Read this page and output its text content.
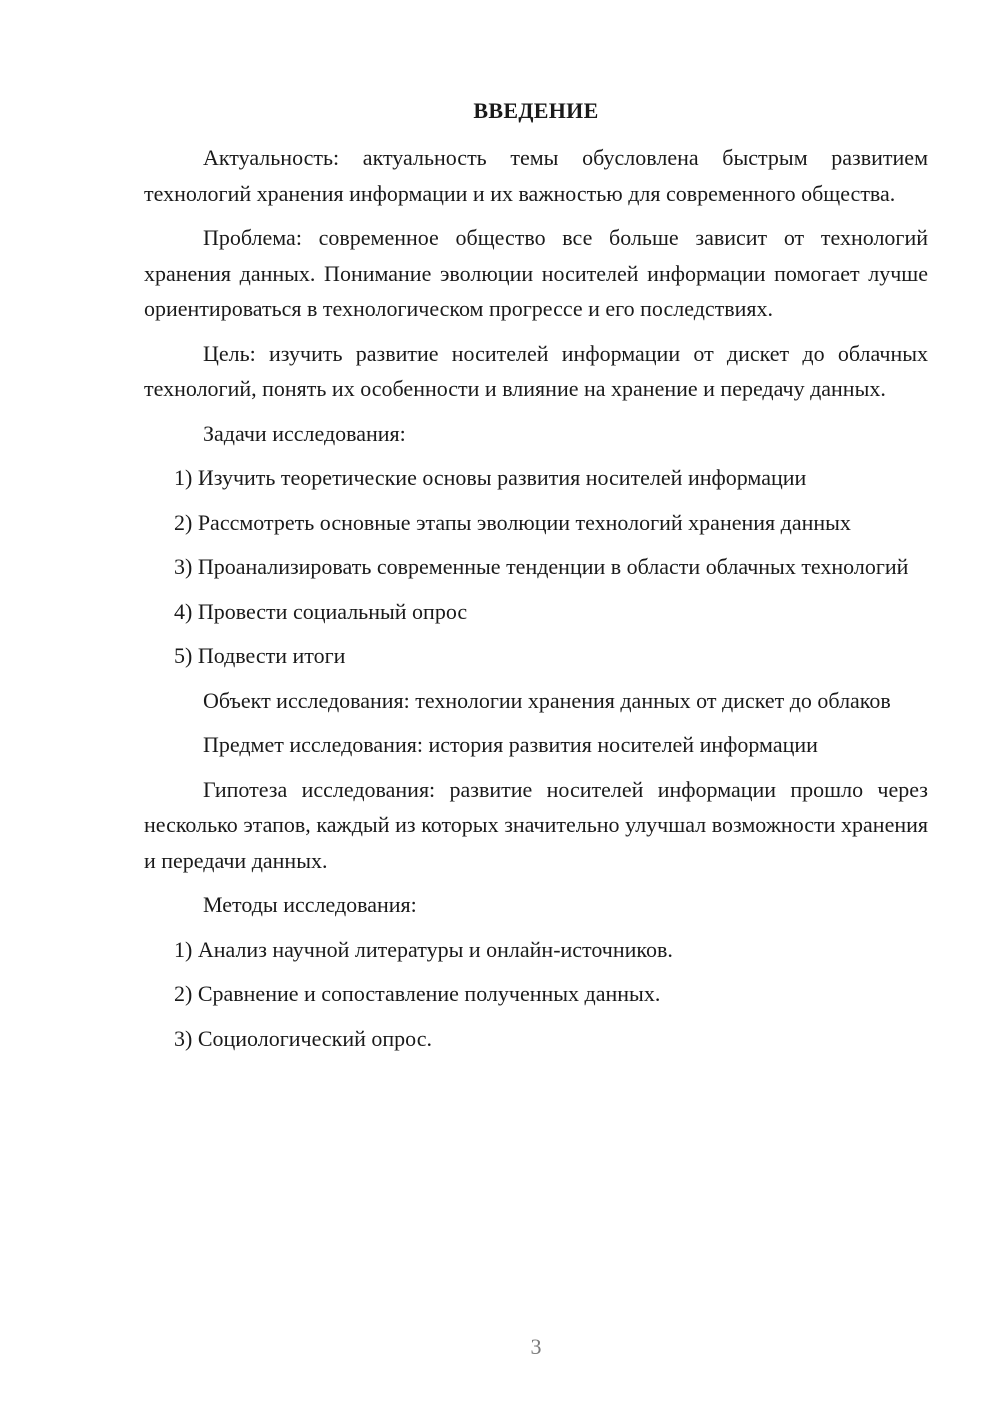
ВВЕДЕНИЕ

Актуальность: актуальность темы обусловлена быстрым развитием технологий хранения информации и их важностью для современного общества.

Проблема: современное общество все больше зависит от технологий хранения данных. Понимание эволюции носителей информации помогает лучше ориентироваться в технологическом прогрессе и его последствиях.

Цель: изучить развитие носителей информации от дискет до облачных технологий, понять их особенности и влияние на хранение и передачу данных.

Задачи исследования:

1) Изучить теоретические основы развития носителей информации

2) Рассмотреть основные этапы эволюции технологий хранения данных

3) Проанализировать современные тенденции в области облачных технологий

4) Провести социальный опрос

5) Подвести итоги

Объект исследования: технологии хранения данных от дискет до облаков

Предмет исследования: история развития носителей информации

Гипотеза исследования: развитие носителей информации прошло через несколько этапов, каждый из которых значительно улучшал возможности хранения и передачи данных.

Методы исследования:

1) Анализ научной литературы и онлайн-источников.

2) Сравнение и сопоставление полученных данных.

3) Социологический опрос.

3
